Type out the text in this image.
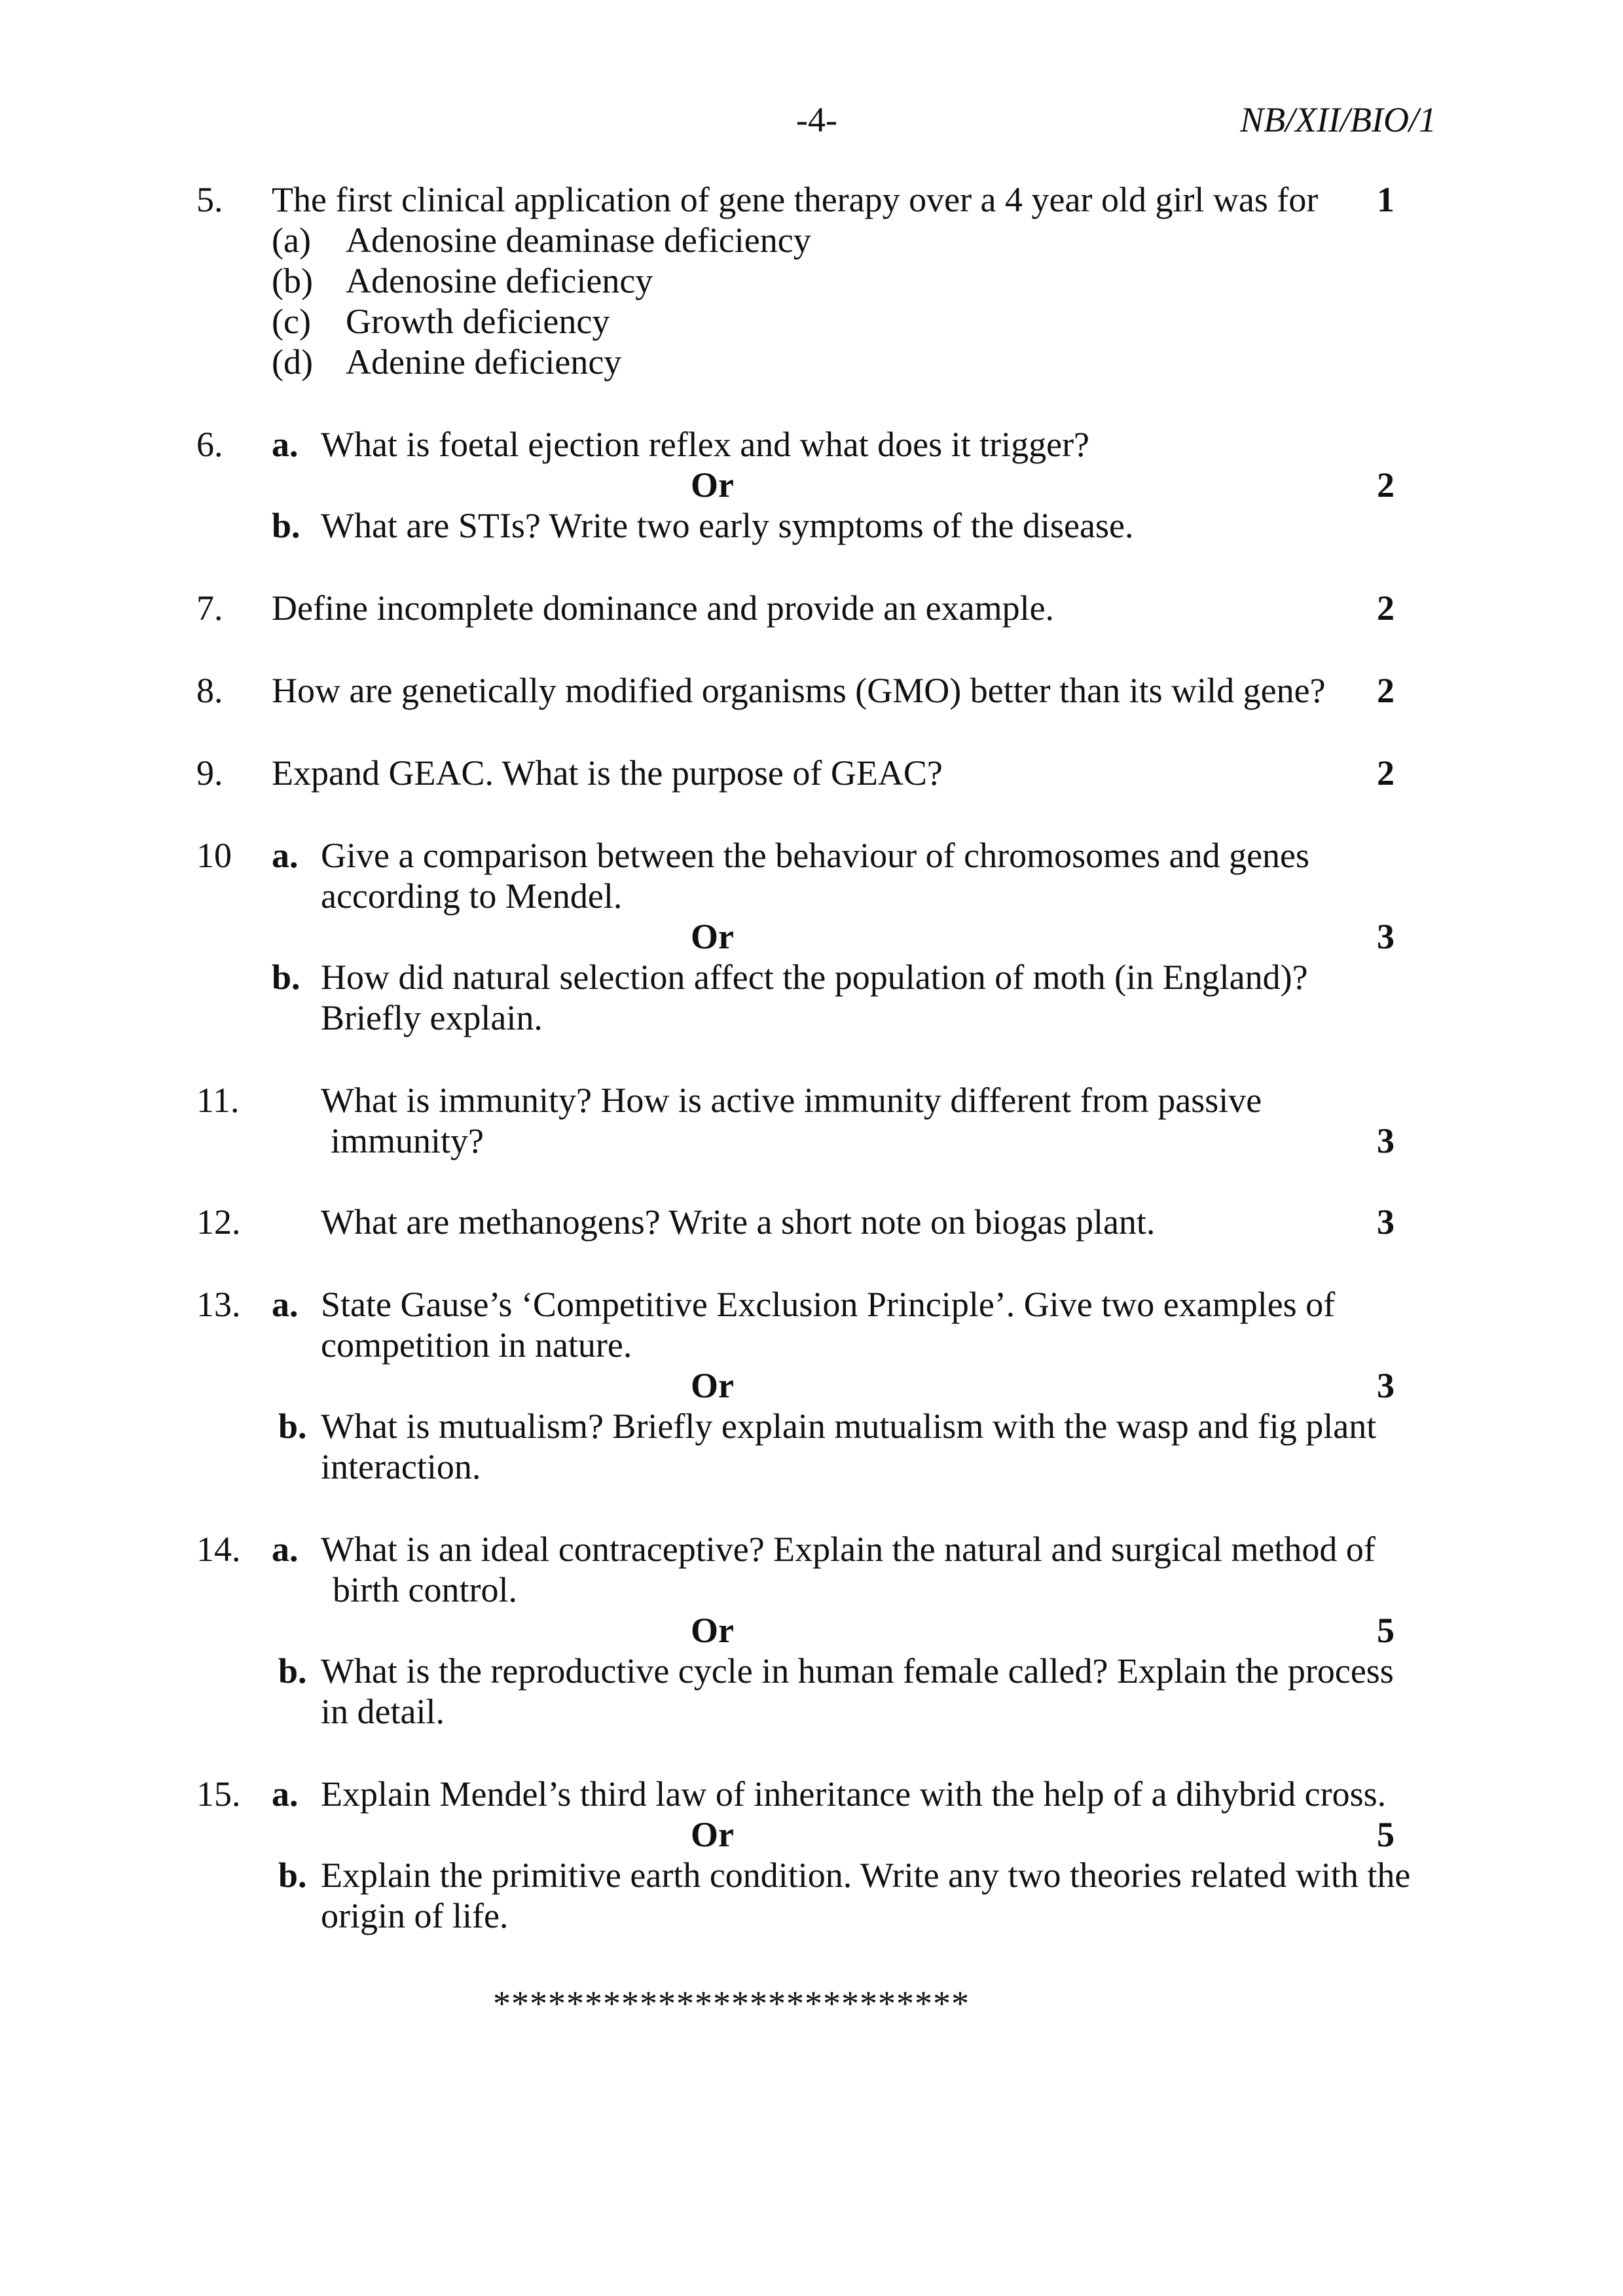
-4-	NB/XII/BIO/1
5. The first clinical application of gene therapy over a 4 year old girl was for 1
(a) Adenosine deaminase deficiency
(b) Adenosine deficiency
(c) Growth deficiency
(d) Adenine deficiency
6. a. What is foetal ejection reflex and what does it trigger?
Or	2
b. What are STIs? Write two early symptoms of the disease.
7. Define incomplete dominance and provide an example.	2
8. How are genetically modified organisms (GMO) better than its wild gene? 2
9. Expand GEAC. What is the purpose of GEAC?	2
10 a. Give a comparison between the behaviour of chromosomes and genes
according to Mendel.
Or	3
b. How did natural selection affect the population of moth (in England)?
Briefly explain.
11. What is immunity? How is active immunity different from passive
immunity?	3
12. What are methanogens? Write a short note on biogas plant.	3
13. a. State Gause’s ‘Competitive Exclusion Principle’. Give two examples of
competition in nature.
Or	3
b. What is mutualism? Briefly explain mutualism with the wasp and fig plant
interaction.
14. a. What is an ideal contraceptive? Explain the natural and surgical method of
birth control.
Or	5
b. What is the reproductive cycle in human female called? Explain the process
in detail.
15. a. Explain Mendel’s third law of inheritance with the help of a dihybrid cross.
Or	5
b. Explain the primitive earth condition. Write any two theories related with the
origin of life.
**************************
